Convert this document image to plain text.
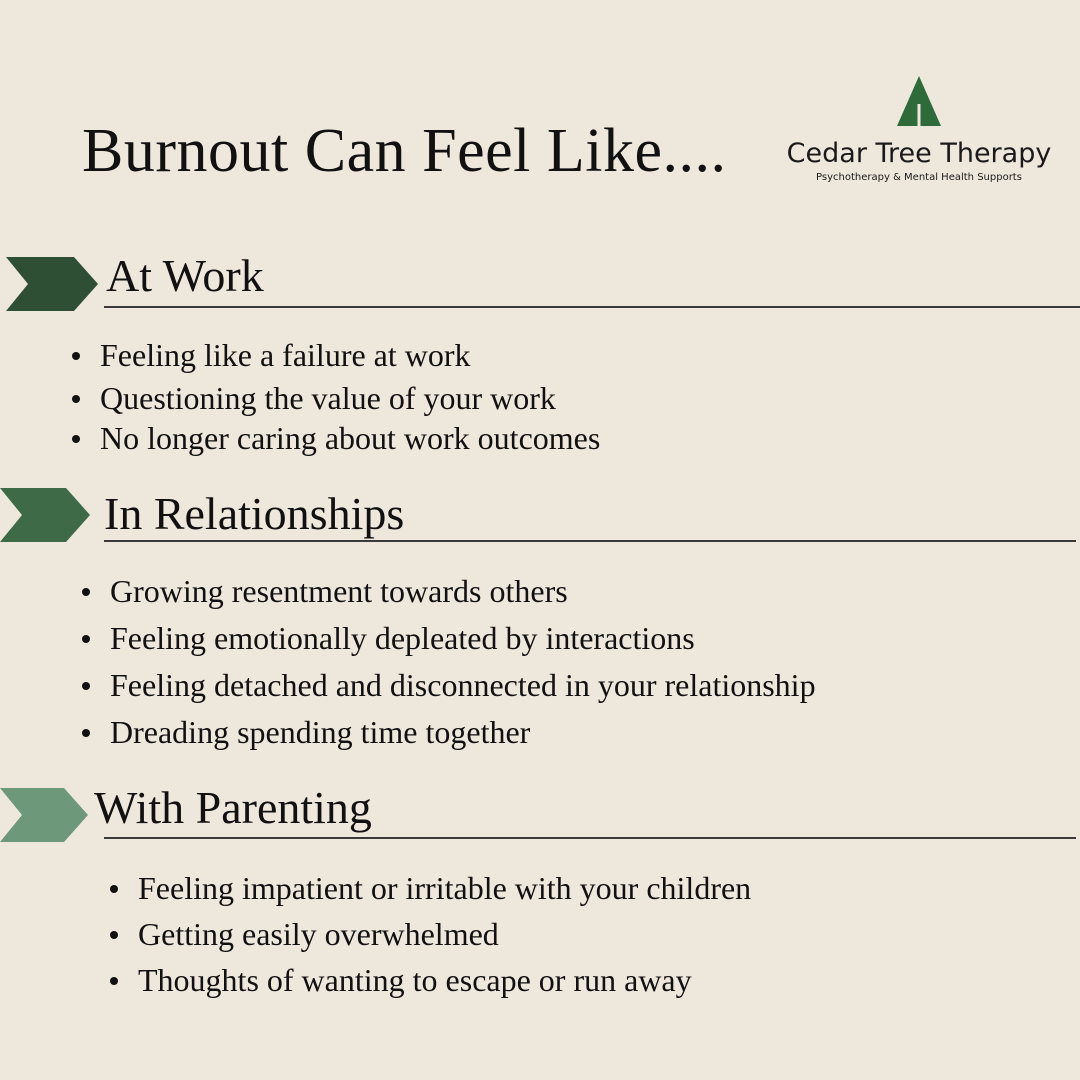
Burnout Can Feel Like....	Cedar Tree Therapy
Psychotherapy & Mental Health Supports
At Work
Feeling like a failure at work
Questioning the value of your work
No longer caring about work outcomes
In Relationships
Growing resentment towards others
Feeling emotionally depleated by interactions
Feeling detached and disconnected in your relationship
Dreading spending time together
With Parenting
Feeling impatient or irritable with your children
Getting easily overwhelmed
Thoughts of wanting to escape or run away
